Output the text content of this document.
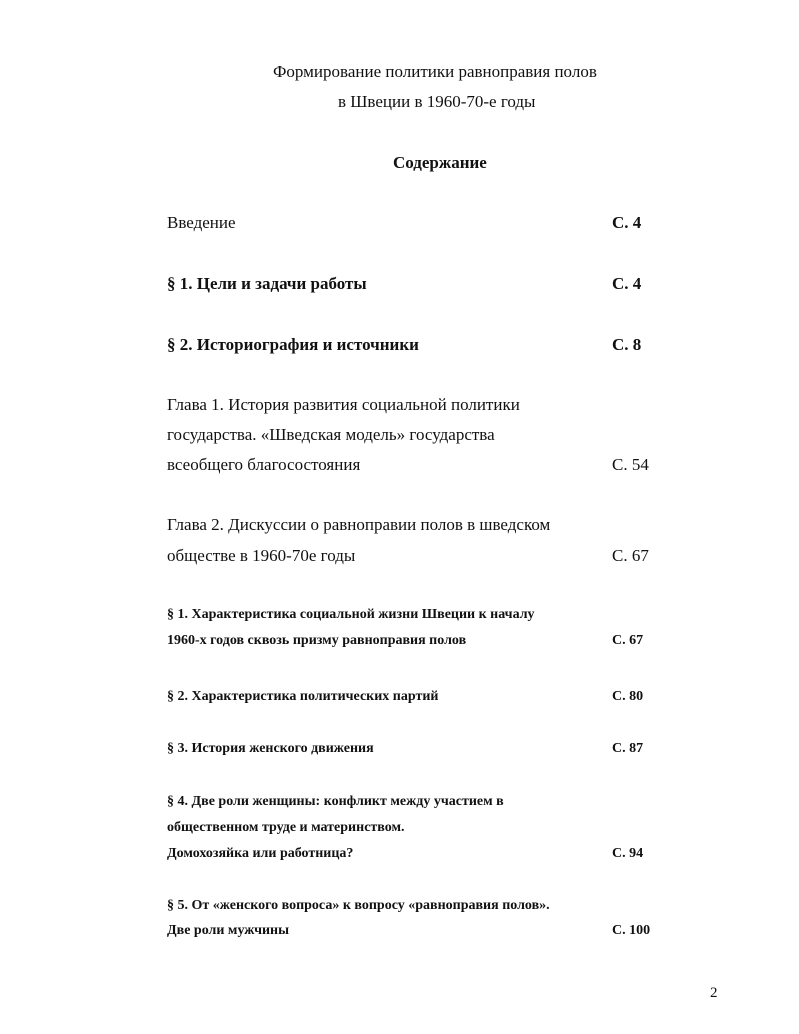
Формирование политики равноправия полов
в Швеции в 1960-70-е годы
Содержание
Введение	С. 4
§ 1. Цели и задачи работы	С. 4
§ 2. Историография и источники	С. 8
Глава 1. История развития социальной политики
государства. «Шведская модель» государства
всеобщего благосостояния	С. 54
Глава 2. Дискуссии о равноправии полов в шведском
обществе в 1960-70е годы	С. 67
§ 1. Характеристика социальной жизни Швеции к началу
1960-х годов сквозь призму равноправия полов	С. 67
§ 2. Характеристика политических партий	С. 80
§ 3. История женского движения	С. 87
§ 4. Две роли женщины: конфликт между участием в
общественном труде и материнством.
Домохозяйка или работница?	С. 94
§ 5. От «женского вопроса» к вопросу «равноправия полов».
Две роли мужчины	С. 100
2
